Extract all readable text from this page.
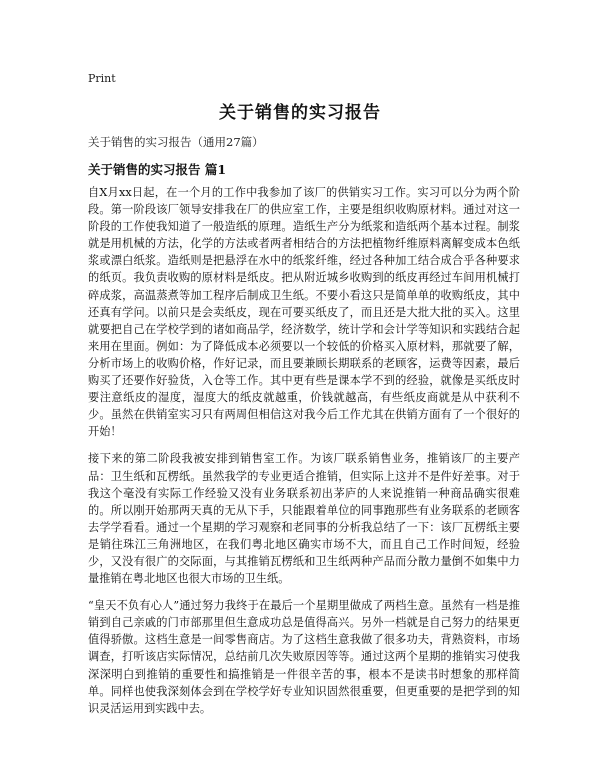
Print
关于销售的实习报告
关于销售的实习报告（通用27篇）
关于销售的实习报告 篇1

自X月xx日起，在一个月的工作中我参加了该厂的供销实习工作。实习可以分为两个阶段。第一阶段该厂领导安排我在厂的供应室工作，主要是组织收购原材料。通过对这一阶段的工作使我知道了一般造纸的原理。造纸生产分为纸浆和造纸两个基本过程。制浆就是用机械的方法，化学的方法或者两者相结合的方法把植物纤维原料离解变成本色纸浆或漂白纸浆。造纸则是把悬浮在水中的纸浆纤维，经过各种加工结合成合乎各种要求的纸页。我负责收购的原材料是纸皮。把从附近城乡收购到的纸皮再经过车间用机械打碎成浆，高温蒸煮等加工程序后制成卫生纸。不要小看这只是简单单的收购纸皮，其中还真有学问。以前只是会卖纸皮，现在可要买纸皮了，而且还是大批大批的买入。这里就要把自己在学校学到的诸如商品学，经济数学，统计学和会计学等知识和实践结合起来用在里面。例如：为了降低成本必须要以一个较低的价格买入原材料，那就要了解，分析市场上的收购价格，作好记录，而且要兼顾长期联系的老顾客，运费等因素，最后购买了还要作好验货，入仓等工作。其中更有些是课本学不到的经验，就像是买纸皮时要注意纸皮的湿度，湿度大的纸皮就越重，价钱就越高，有些纸皮商就是从中获利不少。虽然在供销室实习只有两周但相信这对我今后工作尤其在供销方面有了一个很好的开始！

接下来的第二阶段我被安排到销售室工作。为该厂联系销售业务，推销该厂的主要产品：卫生纸和瓦楞纸。虽然我学的专业更适合推销，但实际上这并不是件好差事。对于我这个毫没有实际工作经验又没有业务联系初出茅庐的人来说推销一种商品确实很难的。所以刚开始那两天真的无从下手，只能跟着单位的同事跑那些有业务联系的老顾客去学学看看。通过一个星期的学习观察和老同事的分析我总结了一下：该厂瓦楞纸主要是销往珠江三角洲地区，在我们粤北地区确实市场不大，而且自己工作时间短，经验少，又没有很广的交际面，与其推销瓦楞纸和卫生纸两种产品而分散力量倒不如集中力量推销在粤北地区也很大市场的卫生纸。

“皇天不负有心人”通过努力我终于在最后一个星期里做成了两档生意。虽然有一档是推销到自己亲戚的门市部那里但生意成功总是值得高兴。另外一档就是自己努力的结果更值得骄傲。这档生意是一间零售商店。为了这档生意我做了很多功夫，背熟资料，市场调查，打听该店实际情况，总结前几次失败原因等等。通过这两个星期的推销实习使我深深明白到推销的重要性和搞推销是一件很辛苦的事，根本不是读书时想象的那样简单。同样也使我深刻体会到在学校学好专业知识固然很重要，但更重要的是把学到的知识灵活运用到实践中去。
